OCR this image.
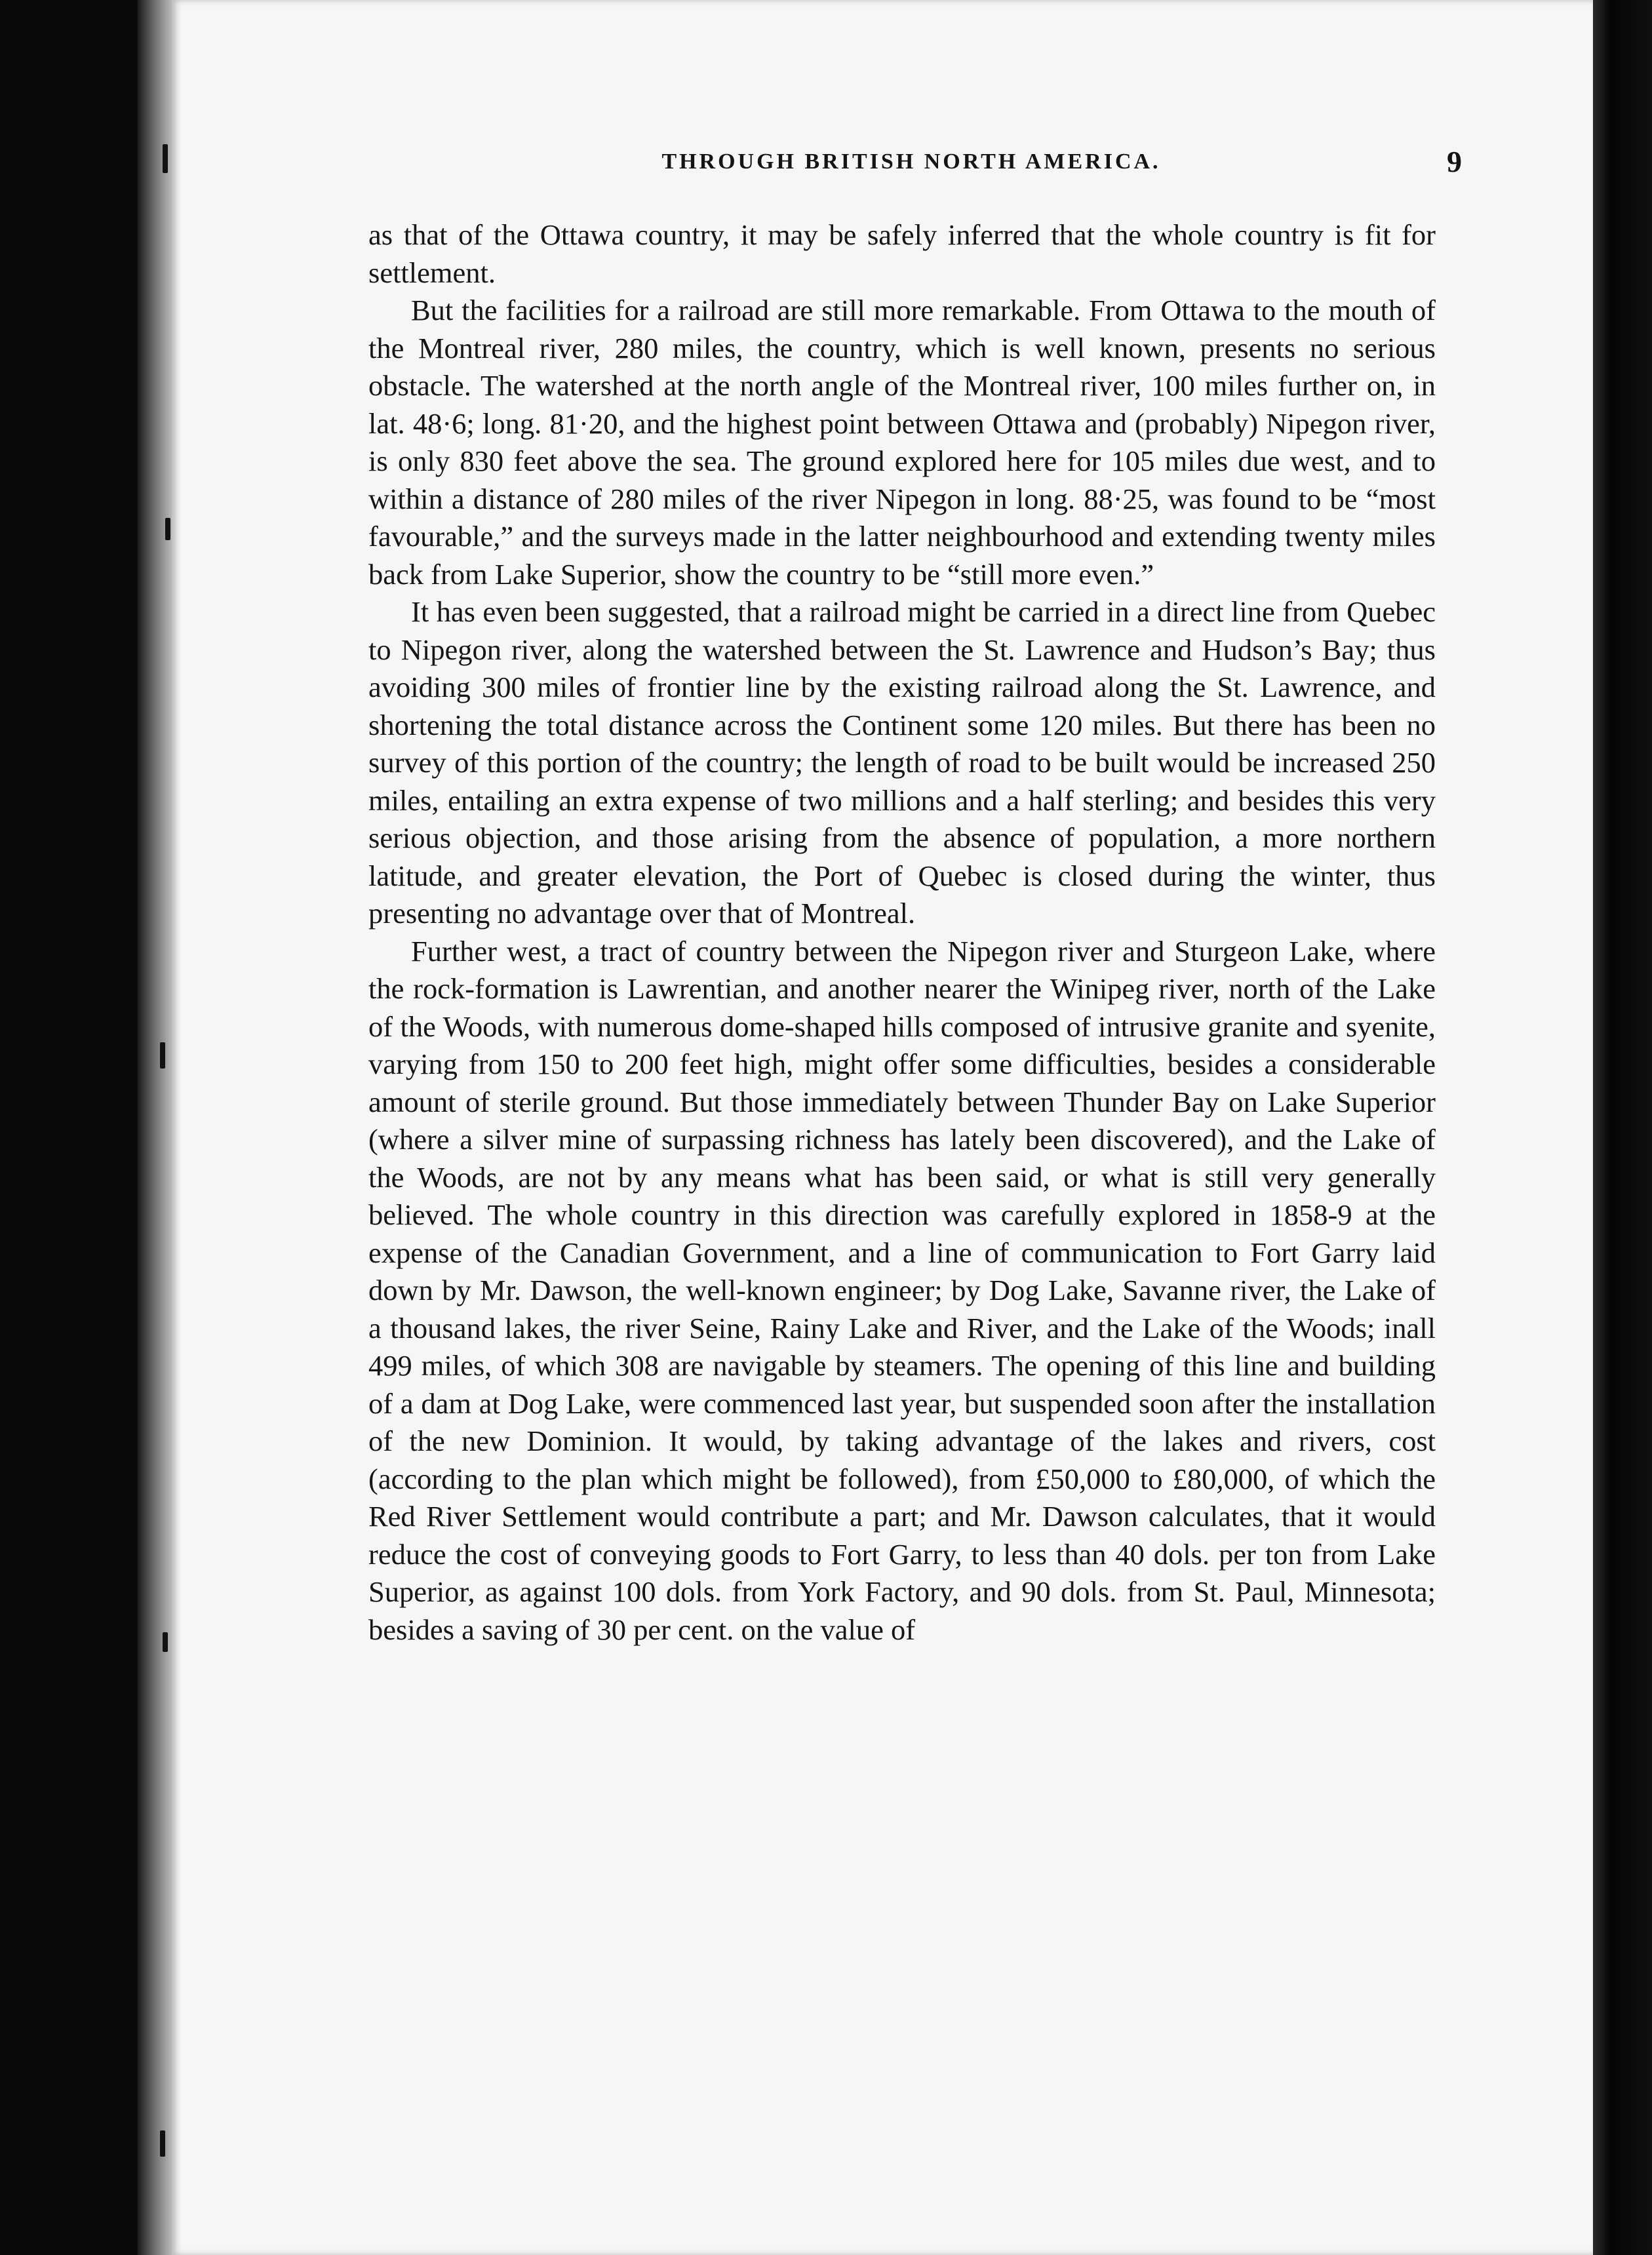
THROUGH BRITISH NORTH AMERICA.	9

as that of the Ottawa country, it may be safely inferred that the whole country is fit for settlement.

But the facilities for a railroad are still more remarkable. From Ottawa to the mouth of the Montreal river, 280 miles, the country, which is well known, presents no serious obstacle. The watershed at the north angle of the Montreal river, 100 miles further on, in lat. 48·6; long. 81·20, and the highest point between Ottawa and (probably) Nipegon river, is only 830 feet above the sea. The ground explored here for 105 miles due west, and to within a distance of 280 miles of the river Nipegon in long. 88·25, was found to be “most favourable,” and the surveys made in the latter neighbourhood and extending twenty miles back from Lake Superior, show the country to be “still more even.”

It has even been suggested, that a railroad might be carried in a direct line from Quebec to Nipegon river, along the watershed between the St. Lawrence and Hudson’s Bay; thus avoiding 300 miles of frontier line by the existing railroad along the St. Lawrence, and shortening the total distance across the Continent some 120 miles. But there has been no survey of this portion of the country; the length of road to be built would be increased 250 miles, entailing an extra expense of two millions and a half sterling; and besides this very serious objection, and those arising from the absence of population, a more northern latitude, and greater elevation, the Port of Quebec is closed during the winter, thus presenting no advantage over that of Montreal.

Further west, a tract of country between the Nipegon river and Sturgeon Lake, where the rock-formation is Lawrentian, and another nearer the Winipeg river, north of the Lake of the Woods, with numerous dome-shaped hills composed of intrusive granite and syenite, varying from 150 to 200 feet high, might offer some difficulties, besides a considerable amount of sterile ground. But those immediately between Thunder Bay on Lake Superior (where a silver mine of surpassing richness has lately been discovered), and the Lake of the Woods, are not by any means what has been said, or what is still very generally believed. The whole country in this direction was carefully explored in 1858-9 at the expense of the Canadian Government, and a line of communication to Fort Garry laid down by Mr. Dawson, the well-known engineer; by Dog Lake, Savanne river, the Lake of a thousand lakes, the river Seine, Rainy Lake and River, and the Lake of the Woods; inall 499 miles, of which 308 are navigable by steamers. The opening of this line and building of a dam at Dog Lake, were commenced last year, but suspended soon after the installation of the new Dominion. It would, by taking advantage of the lakes and rivers, cost (according to the plan which might be followed), from £50,000 to £80,000, of which the Red River Settlement would contribute a part; and Mr. Dawson calculates, that it would reduce the cost of conveying goods to Fort Garry, to less than 40 dols. per ton from Lake Superior, as against 100 dols. from York Factory, and 90 dols. from St. Paul, Minnesota; besides a saving of 30 per cent. on the value of
